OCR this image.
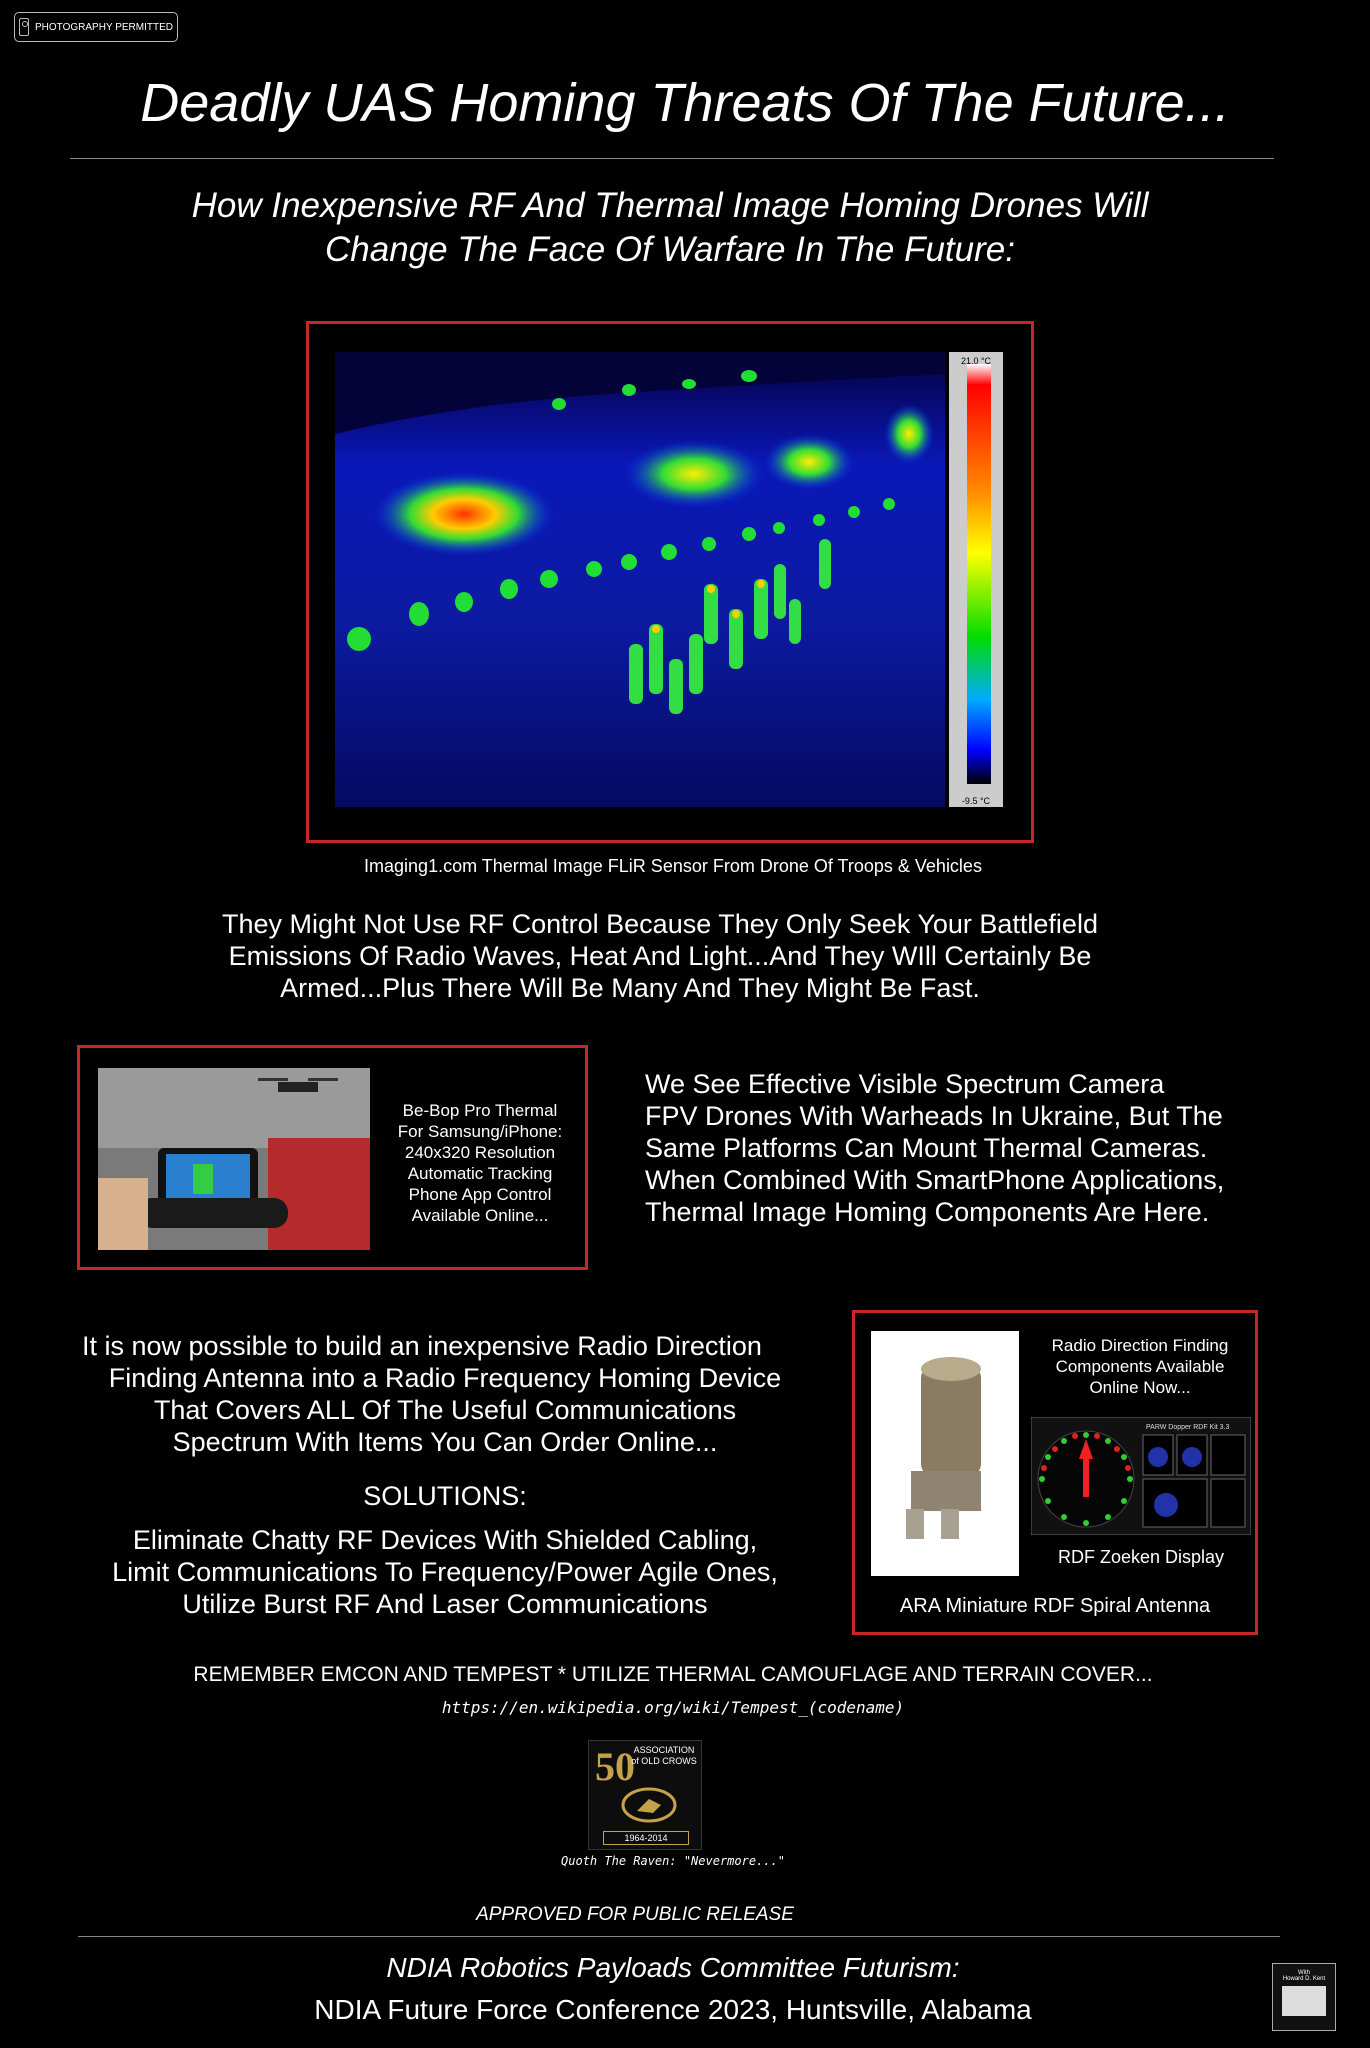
PHOTOGRAPHY PERMITTED
Deadly UAS Homing Threats Of The Future...
How Inexpensive RF And Thermal Image Homing Drones Will
Change The Face Of Warfare In The Future:
21.0 °C
-9.5 °C
Imaging1.com Thermal Image FLiR Sensor From Drone Of Troops & Vehicles
They Might Not Use RF Control Because They Only Seek Your Battlefield
Emissions Of Radio Waves, Heat And Light...And They WIll Certainly Be
Armed...Plus There Will Be Many And They Might Be Fast.
Be-Bop Pro Thermal
For Samsung/iPhone:
240x320 Resolution
Automatic Tracking
Phone App Control
Available Online...
We See Effective Visible Spectrum Camera
FPV Drones With Warheads In Ukraine, But The
Same Platforms Can Mount Thermal Cameras.
When Combined With SmartPhone Applications,
Thermal Image Homing Components Are Here.
It is now possible to build an inexpensive Radio Direction
Finding Antenna into a Radio Frequency Homing Device
That Covers ALL Of The Useful Communications
Spectrum With Items You Can Order Online...
SOLUTIONS:
Eliminate Chatty RF Devices With Shielded Cabling,
Limit Communications To Frequency/Power Agile Ones,
Utilize Burst RF And Laser Communications
Radio Direction Finding
Components Available
Online Now...
PARW Dopper RDF Kit 3.3
RDF Zoeken Display
ARA Miniature RDF Spiral Antenna
REMEMBER EMCON AND TEMPEST * UTILIZE THERMAL CAMOUFLAGE AND TERRAIN COVER...
https://en.wikipedia.org/wiki/Tempest_(codename)
50
ASSOCIATION
of OLD CROWS
1964-2014
Quoth The Raven: "Nevermore..."
APPROVED FOR PUBLIC RELEASE
NDIA Robotics Payloads Committee Futurism:
NDIA Future Force Conference 2023, Huntsville, Alabama
With
Howard D. Kent
